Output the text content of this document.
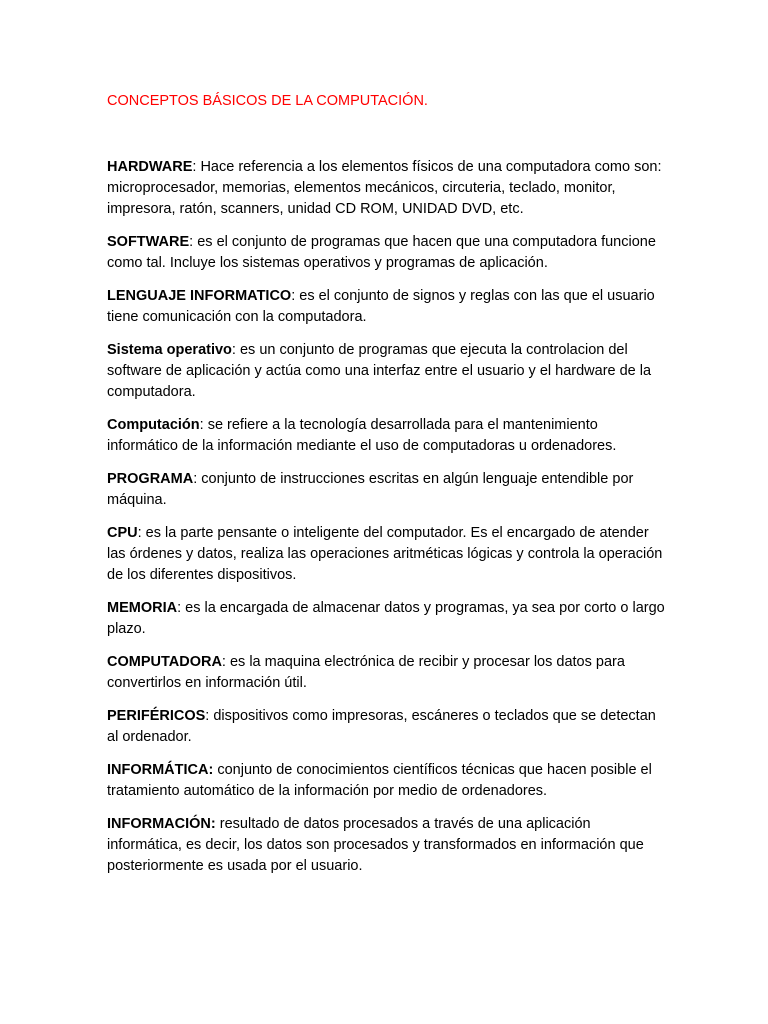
CONCEPTOS BÁSICOS DE LA COMPUTACIÓN.

HARDWARE: Hace referencia a los elementos físicos de una computadora como son: microprocesador, memorias, elementos mecánicos, circuteria, teclado, monitor, impresora, ratón, scanners, unidad CD ROM, UNIDAD DVD, etc.

SOFTWARE: es el conjunto de programas que hacen que una computadora funcione como tal. Incluye los sistemas operativos y programas de aplicación.

LENGUAJE INFORMATICO: es el conjunto de signos y reglas con las que el usuario tiene comunicación con la computadora.

Sistema operativo: es un conjunto de programas que ejecuta la controlacion del software de aplicación y actúa como una interfaz entre el usuario y el hardware de la computadora.

Computación: se refiere a la tecnología desarrollada para el mantenimiento informático de la información mediante el uso de computadoras u ordenadores.

PROGRAMA: conjunto de instrucciones escritas en algún lenguaje entendible por máquina.

CPU: es la parte pensante o inteligente del computador. Es el encargado de atender las órdenes y datos, realiza las operaciones aritméticas lógicas y controla la operación de los diferentes dispositivos.

MEMORIA: es la encargada de almacenar datos y programas, ya sea por corto o largo plazo.

COMPUTADORA: es la maquina electrónica de recibir y procesar los datos para convertirlos en información útil.

PERIFÉRICOS: dispositivos como impresoras, escáneres o teclados que se detectan al ordenador.

INFORMÁTICA: conjunto de conocimientos científicos técnicas que hacen posible el tratamiento automático de la información por medio de ordenadores.

INFORMACIÓN: resultado de datos procesados a través de una aplicación informática, es decir, los datos son procesados y transformados en información que posteriormente es usada por el usuario.
